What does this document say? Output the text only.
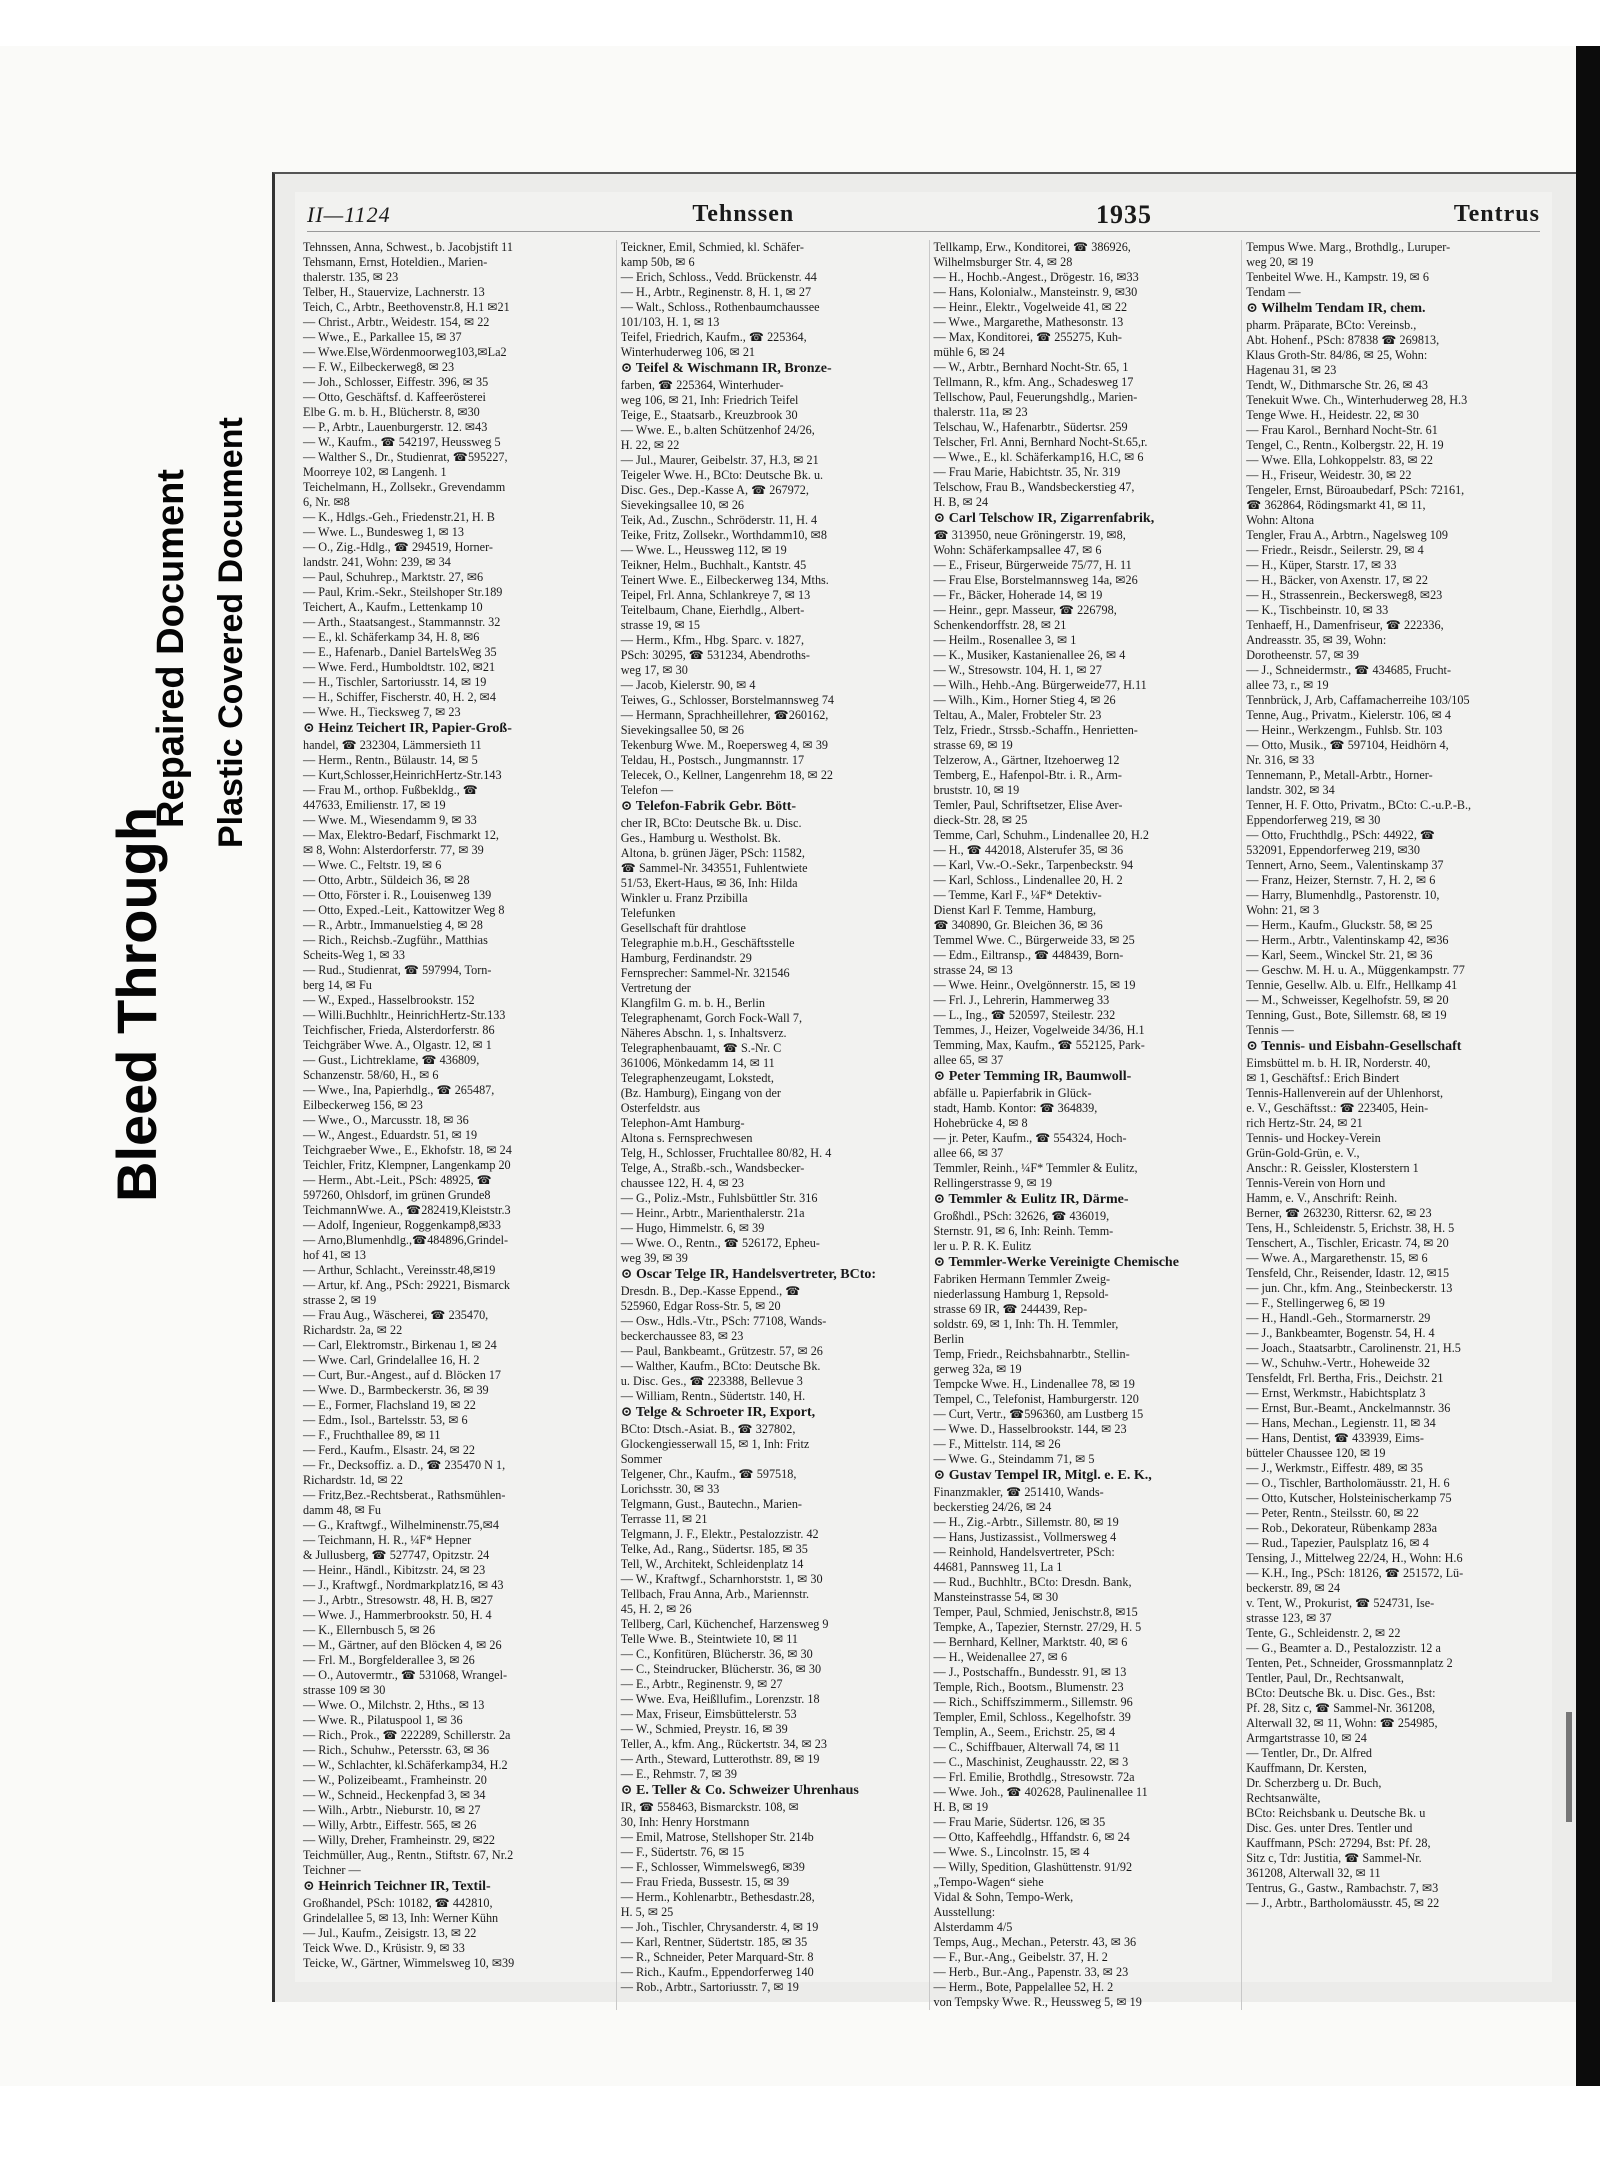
Bleed Through
Repaired Document Plastic Covered Document
II—1124	Tehnssen	1935	Tentrus
Tehnssen, Anna, Schwest., b. Jacobjstift 11
Tehsmann, Ernst, Hoteldien., Marien-
thalerstr. 135, ✉ 23
Telber, H., Stauervize, Lachnerstr. 13
Teich, C., Arbtr., Beethovenstr.8, H.1 ✉21
— Christ., Arbtr., Weidestr. 154, ✉ 22
— Wwe., E., Parkallee 15, ✉ 37
— Wwe.Else,Wördenmoorweg103,✉La2
— F. W., Eilbeckerweg8, ✉ 23
— Joh., Schlosser, Eiffestr. 396, ✉ 35
— Otto, Geschäftsf. d. Kaffeerösterei
Elbe G. m. b. H., Blücherstr. 8, ✉30
— P., Arbtr., Lauenburgerstr. 12. ✉43
— W., Kaufm., ☎ 542197, Heussweg 5
— Walther S., Dr., Studienrat, ☎595227,
Moorreye 102, ✉ Langenh. 1
Teichelmann, H., Zollsekr., Grevendamm
6, Nr. ✉8
— K., Hdlgs.-Geh., Friedenstr.21, H. B
— Wwe. L., Bundesweg 1, ✉ 13
— O., Zig.-Hdlg., ☎ 294519, Horner-
landstr. 241, Wohn: 239, ✉ 34
— Paul, Schuhrep., Marktstr. 27, ✉6
— Paul, Krim.-Sekr., Steilshoper Str.189
Teichert, A., Kaufm., Lettenkamp 10
— Arth., Staatsangest., Stammannstr. 32
— E., kl. Schäferkamp 34, H. 8, ✉6
— E., Hafenarb., Daniel BartelsWeg 35
— Wwe. Ferd., Humboldtstr. 102, ✉21
— H., Tischler, Sartoriusstr. 14, ✉ 19
— H., Schiffer, Fischerstr. 40, H. 2, ✉4
— Wwe. H., Tiecksweg 7, ✉ 23
⊙ Heinz Teichert IR, Papier-Groß-
handel, ☎ 232304, Lämmersieth 11
— Herm., Rentn., Bülaustr. 14, ✉ 5
— Kurt,Schlosser,HeinrichHertz-Str.143
— Frau M., orthop. Fußbekldg., ☎
447633, Emilienstr. 17, ✉ 19
— Wwe. M., Wiesendamm 9, ✉ 33
— Max, Elektro-Bedarf, Fischmarkt 12,
✉ 8, Wohn: Alsterdorferstr. 77, ✉ 39
— Wwe. C., Feltstr. 19, ✉ 6
— Otto, Arbtr., Süldeich 36, ✉ 28
— Otto, Förster i. R., Louisenweg 139
— Otto, Exped.-Leit., Kattowitzer Weg 8
— R., Arbtr., Immanuelstieg 4, ✉ 28
— Rich., Reichsb.-Zugführ., Matthias
Scheits-Weg 1, ✉ 33
— Rud., Studienrat, ☎ 597994, Torn-
berg 14, ✉ Fu
— W., Exped., Hasselbrookstr. 152
— Willi.Buchhltr., HeinrichHertz-Str.133
Teichfischer, Frieda, Alsterdorferstr. 86
Teichgräber Wwe. A., Olgastr. 12, ✉ 1
— Gust., Lichtreklame, ☎ 436809,
Schanzenstr. 58/60, H., ✉ 6
— Wwe., Ina, Papierhdlg., ☎ 265487,
Eilbeckerweg 156, ✉ 23
— Wwe., O., Marcusstr. 18, ✉ 36
— W., Angest., Eduardstr. 51, ✉ 19
Teichgraeber Wwe., E., Ekhofstr. 18, ✉ 24
Teichler, Fritz, Klempner, Langenkamp 20
— Herm., Abt.-Leit., PSch: 48925, ☎
597260, Ohlsdorf, im grünen Grunde8
TeichmannWwe. A., ☎282419,Kleiststr.3
— Adolf, Ingenieur, Roggenkamp8,✉33
— Arno,Blumenhdlg.,☎484896,Grindel-
hof 41, ✉ 13
— Arthur, Schlacht., Vereinsstr.48,✉19
— Artur, kf. Ang., PSch: 29221, Bismarck
strasse 2, ✉ 19
— Frau Aug., Wäscherei, ☎ 235470,
Richardstr. 2a, ✉ 22
— Carl, Elektromstr., Birkenau 1, ✉ 24
— Wwe. Carl, Grindelallee 16, H. 2
— Curt, Bur.-Angest., auf d. Blöcken 17
— Wwe. D., Barmbeckerstr. 36, ✉ 39
— E., Former, Flachsland 19, ✉ 22
— Edm., Isol., Bartelsstr. 53, ✉ 6
— F., Fruchthallee 89, ✉ 11
— Ferd., Kaufm., Elsastr. 24, ✉ 22
— Fr., Decksoffiz. a. D., ☎ 235470 N 1,
Richardstr. 1d, ✉ 22
— Fritz,Bez.-Rechtsberat., Rathsmühlen-
damm 48, ✉ Fu
— G., Kraftwgf., Wilhelminenstr.75,✉4
— Teichmann, H. R., ¼F* Hepner
& Jullusberg, ☎ 527747, Opitzstr. 24
— Heinr., Händl., Kibitzstr. 24, ✉ 23
— J., Kraftwgf., Nordmarkplatz16, ✉ 43
— J., Arbtr., Stresowstr. 48, H. B, ✉27
— Wwe. J., Hammerbrookstr. 50, H. 4
— K., Ellernbusch 5, ✉ 26
— M., Gärtner, auf den Blöcken 4, ✉ 26
— Frl. M., Borgfelderallee 3, ✉ 26
— O., Autovermtr., ☎ 531068, Wrangel-
strasse 109 ✉ 30
— Wwe. O., Milchstr. 2, Hths., ✉ 13
— Wwe. R., Pilatuspool 1, ✉ 36
— Rich., Prok., ☎ 222289, Schillerstr. 2a
— Rich., Schuhw., Petersstr. 63, ✉ 36
— W., Schlachter, kl.Schäferkamp34, H.2
— W., Polizeibeamt., Framheinstr. 20
— W., Schneid., Heckenpfad 3, ✉ 34
— Wilh., Arbtr., Nieburstr. 10, ✉ 27
— Willy, Arbtr., Eiffestr. 565, ✉ 26
— Willy, Dreher, Framheinstr. 29, ✉22
Teichmüller, Aug., Rentn., Stiftstr. 67, Nr.2
Teichner —
⊙ Heinrich Teichner IR, Textil-
Großhandel, PSch: 10182, ☎ 442810,
Grindelallee 5, ✉ 13, Inh: Werner Kühn
— Jul., Kaufm., Zeisigstr. 13, ✉ 22
Teick Wwe. D., Krüsistr. 9, ✉ 33
Teicke, W., Gärtner, Wimmelsweg 10, ✉39
Teickner, Emil, Schmied, kl. Schäfer-
kamp 50b, ✉ 6
— Erich, Schloss., Vedd. Brückenstr. 44
— H., Arbtr., Reginenstr. 8, H. 1, ✉ 27
— Walt., Schloss., Rothenbaumchaussee
101/103, H. 1, ✉ 13
Teifel, Friedrich, Kaufm., ☎ 225364,
Winterhuderweg 106, ✉ 21
⊙ Teifel & Wischmann IR, Bronze-
farben, ☎ 225364, Winterhuder-
weg 106, ✉ 21, Inh: Friedrich Teifel
Teige, E., Staatsarb., Kreuzbrook 30
— Wwe. E., b.alten Schützenhof 24/26,
H. 22, ✉ 22
— Jul., Maurer, Geibelstr. 37, H.3, ✉ 21
Teigeler Wwe. H., BCto: Deutsche Bk. u.
Disc. Ges., Dep.-Kasse A, ☎ 267972,
Sievekingsallee 10, ✉ 26
Teik, Ad., Zuschn., Schröderstr. 11, H. 4
Teike, Fritz, Zollsekr., Worthdamm10, ✉8
— Wwe. L., Heussweg 112, ✉ 19
Teikner, Helm., Buchhalt., Kantstr. 45
Teinert Wwe. E., Eilbeckerweg 134, Mths.
Teipel, Frl. Anna, Schlankreye 7, ✉ 13
Teitelbaum, Chane, Eierhdlg., Albert-
strasse 19, ✉ 15
— Herm., Kfm., Hbg. Sparc. v. 1827,
PSch: 30295, ☎ 531234, Abendroths-
weg 17, ✉ 30
— Jacob, Kielerstr. 90, ✉ 4
Teiwes, G., Schlosser, Borstelmannsweg 74
— Hermann, Sprachheillehrer, ☎260162,
Sievekingsallee 50, ✉ 26
Tekenburg Wwe. M., Roepersweg 4, ✉ 39
Teldau, H., Postsch., Jungmannstr. 17
Telecek, O., Kellner, Langenrehm 18, ✉ 22
Telefon —
⊙ Telefon-Fabrik Gebr. Bött-
cher IR, BCto: Deutsche Bk. u. Disc.
Ges., Hamburg u. Westholst. Bk.
Altona, b. grünen Jäger, PSch: 11582,
☎ Sammel-Nr. 343551, Fuhlentwiete
51/53, Ekert-Haus, ✉ 36, Inh: Hilda
Winkler u. Franz Przibilla
Telefunken
Gesellschaft für drahtlose
Telegraphie m.b.H., Geschäftsstelle
Hamburg, Ferdinandstr. 29
Fernsprecher: Sammel-Nr. 321546
Vertretung der
Klangfilm G. m. b. H., Berlin
Telegraphenamt, Gorch Fock-Wall 7,
Näheres Abschn. 1, s. Inhaltsverz.
Telegraphenbauamt, ☎ S.-Nr. C
361006, Mönkedamm 14, ✉ 11
Telegraphenzeugamt, Lokstedt,
(Bz. Hamburg), Eingang von der
Osterfeldstr. aus
Telephon-Amt Hamburg-
Altona s. Fernsprechwesen
Telg, H., Schlosser, Fruchtallee 80/82, H. 4
Telge, A., Straßb.-sch., Wandsbecker-
chaussee 122, H. 4, ✉ 23
— G., Poliz.-Mstr., Fuhlsbüttler Str. 316
— Heinr., Arbtr., Marienthalerstr. 21a
— Hugo, Himmelstr. 6, ✉ 39
— Wwe. O., Rentn., ☎ 526172, Epheu-
weg 39, ✉ 39
⊙ Oscar Telge IR, Handelsvertreter, BCto:
Dresdn. B., Dep.-Kasse Eppend., ☎
525960, Edgar Ross-Str. 5, ✉ 20
— Osw., Hdls.-Vtr., PSch: 77108, Wands-
beckerchaussee 83, ✉ 23
— Paul, Bankbeamt., Grützestr. 57, ✉ 26
— Walther, Kaufm., BCto: Deutsche Bk.
u. Disc. Ges., ☎ 223388, Bellevue 3
— William, Rentn., Südertstr. 140, H.
⊙ Telge & Schroeter IR, Export,
BCto: Dtsch.-Asiat. B., ☎ 327802,
Glockengiesserwall 15, ✉ 1, Inh: Fritz
Sommer
Telgener, Chr., Kaufm., ☎ 597518,
Lorichsstr. 30, ✉ 33
Telgmann, Gust., Bautechn., Marien-
Terrasse 11, ✉ 21
Telgmann, J. F., Elektr., Pestalozzistr. 42
Telke, Ad., Rang., Südertsr. 185, ✉ 35
Tell, W., Architekt, Schleidenplatz 14
— W., Kraftwgf., Scharnhorststr. 1, ✉ 30
Tellbach, Frau Anna, Arb., Mariennstr.
45, H. 2, ✉ 26
Tellberg, Carl, Küchenchef, Harzensweg 9
Telle Wwe. B., Steintwiete 10, ✉ 11
— C., Konfitüren, Blücherstr. 36, ✉ 30
— C., Steindrucker, Blücherstr. 36, ✉ 30
— E., Arbtr., Reginenstr. 9, ✉ 27
— Wwe. Eva, Heißllufim., Lorenzstr. 18
— Max, Friseur, Eimsbüttelerstr. 53
— W., Schmied, Preystr. 16, ✉ 39
Teller, A., kfm. Ang., Rückertstr. 34, ✉ 23
— Arth., Steward, Lutterothstr. 89, ✉ 19
— E., Rehmstr. 7, ✉ 39
⊙ E. Teller & Co. Schweizer Uhrenhaus
IR, ☎ 558463, Bismarckstr. 108, ✉
30, Inh: Henry Horstmann
— Emil, Matrose, Stellshoper Str. 214b
— F., Südertstr. 76, ✉ 15
— F., Schlosser, Wimmelsweg6, ✉39
— Frau Frieda, Bussestr. 15, ✉ 39
— Herm., Kohlenarbtr., Bethesdastr.28,
H. 5, ✉ 25
— Joh., Tischler, Chrysanderstr. 4, ✉ 19
— Karl, Rentner, Südertstr. 185, ✉ 35
— R., Schneider, Peter Marquard-Str. 8
— Rich., Kaufm., Eppendorferweg 140
— Rob., Arbtr., Sartoriusstr. 7, ✉ 19
Tellkamp, Erw., Konditorei, ☎ 386926,
Wilhelmsburger Str. 4, ✉ 28
— H., Hochb.-Angest., Drögestr. 16, ✉33
— Hans, Kolonialw., Mansteinstr. 9, ✉30
— Heinr., Elektr., Vogelweide 41, ✉ 22
— Wwe., Margarethe, Mathesonstr. 13
— Max, Konditorei, ☎ 255275, Kuh-
mühle 6, ✉ 24
— W., Arbtr., Bernhard Nocht-Str. 65, 1
Tellmann, R., kfm. Ang., Schadesweg 17
Tellschow, Paul, Feuerungshdlg., Marien-
thalerstr. 11a, ✉ 23
Telschau, W., Hafenarbtr., Südertsr. 259
Telscher, Frl. Anni, Bernhard Nocht-St.65,r.
— Wwe., E., kl. Schäferkamp16, H.C, ✉ 6
— Frau Marie, Habichtstr. 35, Nr. 319
Telschow, Frau B., Wandsbeckerstieg 47,
H. B, ✉ 24
⊙ Carl Telschow IR, Zigarrenfabrik,
☎ 313950, neue Gröningerstr. 19, ✉8,
Wohn: Schäferkampsallee 47, ✉ 6
— E., Friseur, Bürgerweide 75/77, H. 11
— Frau Else, Borstelmannsweg 14a, ✉26
— Fr., Bäcker, Hoheradе 14, ✉ 19
— Heinr., gepr. Masseur, ☎ 226798,
Schenkendorffstr. 28, ✉ 21
— Heilm., Rosenallee 3, ✉ 1
— K., Musiker, Kastanienallee 26, ✉ 4
— W., Stresowstr. 104, H. 1, ✉ 27
— Wilh., Hehb.-Ang. Bürgerweide77, H.11
— Wilh., Kim., Horner Stieg 4, ✉ 26
Teltau, A., Maler, Frobteler Str. 23
Telz, Friedr., Strssb.-Schaffn., Henrietten-
strasse 69, ✉ 19
Telzerow, A., Gärtner, Itzehoerweg 12
Temberg, E., Hafenpol-Btr. i. R., Arm-
bruststr. 10, ✉ 19
Temler, Paul, Schriftsetzer, Elise Aver-
dieck-Str. 28, ✉ 25
Temme, Carl, Schuhm., Lindenallee 20, H.2
— H., ☎ 442018, Alsterufer 35, ✉ 36
— Karl, Vw.-O.-Sekr., Tarpenbeckstr. 94
— Karl, Schloss., Lindenallee 20, H. 2
— Temme, Karl F., ¼F* Detektiv-
Dienst Karl F. Temme, Hamburg,
☎ 340890, Gr. Bleichen 36, ✉ 36
Temmel Wwe. C., Bürgerweide 33, ✉ 25
— Edm., Eiltransp., ☎ 448439, Born-
strasse 24, ✉ 13
— Wwe. Heinr., Ovelgönnerstr. 15, ✉ 19
— Frl. J., Lehrerin, Hammerweg 33
— L., Ing., ☎ 520597, Steilestr. 232
Temmes, J., Heizer, Vogelweide 34/36, H.1
Temming, Max, Kaufm., ☎ 552125, Park-
allee 65, ✉ 37
⊙ Peter Temming IR, Baumwoll-
abfälle u. Papierfabrik in Glück-
stadt, Hamb. Kontor: ☎ 364839,
Hohebrücke 4, ✉ 8
— jr. Peter, Kaufm., ☎ 554324, Hoch-
allee 66, ✉ 37
Temmler, Reinh., ¼F* Temmler & Eulitz,
Rellingerstrasse 9, ✉ 19
⊙ Temmler & Eulitz IR, Därme-
Großhdl., PSch: 32626, ☎ 436019,
Sternstr. 91, ✉ 6, Inh: Reinh. Temm-
ler u. P. R. K. Eulitz
⊙ Temmler-Werke Vereinigte Chemische
Fabriken Hermann Temmler Zweig-
niederlassung Hamburg 1, Repsold-
strasse 69 IR, ☎ 244439, Rep-
soldstr. 69, ✉ 1, Inh: Th. H. Temmler,
Berlin
Temp, Friedr., Reichsbahnarbtr., Stellin-
gerweg 32a, ✉ 19
Tempcke Wwe. H., Lindenallee 78, ✉ 19
Tempel, C., Telefonist, Hamburgerstr. 120
— Curt, Vertr., ☎596360, am Lustberg 15
— Wwe. D., Hasselbrookstr. 144, ✉ 23
— F., Mittelstr. 114, ✉ 26
— Wwe. G., Steindamm 71, ✉ 5
⊙ Gustav Tempel IR, Mitgl. e. E. K.,
Finanzmakler, ☎ 251410, Wands-
beckerstieg 24/26, ✉ 24
— H., Zig.-Arbtr., Sillemstr. 80, ✉ 19
— Hans, Justizassist., Vollmersweg 4
— Reinhold, Handelsvertreter, PSch:
44681, Pannsweg 11, La 1
— Rud., Buchhltr., BCto: Dresdn. Bank,
Mansteinstrasse 54, ✉ 30
Temper, Paul, Schmied, Jenischstr.8, ✉15
Tempke, A., Tapezier, Sternstr. 27/29, H. 5
— Bernhard, Kellner, Marktstr. 40, ✉ 6
— H., Weidenallee 27, ✉ 6
— J., Postschaffn., Bundesstr. 91, ✉ 13
Temple, Rich., Bootsm., Blumenstr. 23
— Rich., Schiffszimmerm., Sillemstr. 96
Templer, Emil, Schloss., Kegelhofstr. 39
Templin, A., Seem., Erichstr. 25, ✉ 4
— C., Schiffbauer, Alterwall 74, ✉ 11
— C., Maschinist, Zeughausstr. 22, ✉ 3
— Frl. Emilie, Brothdlg., Stresowstr. 72a
— Wwe. Joh., ☎ 402628, Paulinenallee 11
H. B, ✉ 19
— Frau Marie, Südertsr. 126, ✉ 35
— Otto, Kaffeehdlg., Hffandstr. 6, ✉ 24
— Wwe. S., Lincolnstr. 15, ✉ 4
— Willy, Spedition, Glashüttenstr. 91/92
„Tempo-Wagen“ siehe
Vidal & Sohn, Tempo-Werk,
Ausstellung:
Alsterdamm 4/5
Temps, Aug., Mechan., Peterstr. 43, ✉ 36
— F., Bur.-Ang., Geibelstr. 37, H. 2
— Herb., Bur.-Ang., Papenstr. 33, ✉ 23
— Herm., Bote, Pappelallee 52, H. 2
von Tempsky Wwe. R., Heussweg 5, ✉ 19
Tempus Wwe. Marg., Brothdlg., Luruper-
weg 20, ✉ 19
Tenbeitel Wwe. H., Kampstr. 19, ✉ 6
Tendam —
⊙ Wilhelm Tendam IR, chem.
pharm. Präparate, BCto: Vereinsb.,
Abt. Hohenf., PSch: 87838 ☎ 269813,
Klaus Groth-Str. 84/86, ✉ 25, Wohn:
Hagenau 31, ✉ 23
Tendt, W., Dithmarsche Str. 26, ✉ 43
Tenekuit Wwe. Ch., Winterhuderweg 28, H.3
Tenge Wwe. H., Heidestr. 22, ✉ 30
— Frau Karol., Bernhard Nocht-Str. 61
Tengel, C., Rentn., Kolbergstr. 22, H. 19
— Wwe. Ella, Lohkoppelstr. 83, ✉ 22
— H., Friseur, Weidestr. 30, ✉ 22
Tengeler, Ernst, Büroaubedarf, PSch: 72161,
☎ 362864, Rödingsmarkt 41, ✉ 11,
Wohn: Altona
Tengler, Frau A., Arbtrn., Nagelsweg 109
— Friedr., Reisdr., Seilerstr. 29, ✉ 4
— H., Küper, Starstr. 17, ✉ 33
— H., Bäcker, von Axenstr. 17, ✉ 22
— H., Strassenrein., Beckersweg8, ✉23
— K., Tischbeinstr. 10, ✉ 33
Tenhaeff, H., Damenfriseur, ☎ 222336,
Andreasstr. 35, ✉ 39, Wohn:
Dorotheenstr. 57, ✉ 39
— J., Schneidermstr., ☎ 434685, Frucht-
allee 73, r., ✉ 19
Tennbrück, J, Arb, Caffamacherreihe 103/105
Tenne, Aug., Privatm., Kielerstr. 106, ✉ 4
— Heinr., Werkzengm., Fuhlsb. Str. 103
— Otto, Musik., ☎ 597104, Heidhörn 4,
Nr. 316, ✉ 33
Tennemann, P., Metall-Arbtr., Horner-
landstr. 302, ✉ 34
Tenner, H. F. Otto, Privatm., BCto: C.-u.P.-B.,
Eppendorferweg 219, ✉ 30
— Otto, Fruchthdlg., PSch: 44922, ☎
532091, Eppendorferweg 219, ✉30
Tennert, Arno, Seem., Valentinskamp 37
— Franz, Heizer, Sternstr. 7, H. 2, ✉ 6
— Harry, Blumenhdlg., Pastorenstr. 10,
Wohn: 21, ✉ 3
— Herm., Kaufm., Gluckstr. 58, ✉ 25
— Herm., Arbtr., Valentinskamp 42, ✉36
— Karl, Seem., Winckel Str. 21, ✉ 36
— Geschw. M. H. u. A., Müggenkampstr. 77
Tennie, Gesellw. Alb. u. Elfr., Hellkamp 41
— M., Schweisser, Kegelhofstr. 59, ✉ 20
Tenning, Gust., Bote, Sillemstr. 68, ✉ 19
Tennis —
⊙ Tennis- und Eisbahn-Gesellschaft
Eimsbüttel m. b. H. IR, Norderstr. 40,
✉ 1, Geschäftsf.: Erich Bindert
Tennis-Hallenverein auf der Uhlenhorst,
e. V., Geschäftsst.: ☎ 223405, Hein-
rich Hertz-Str. 24, ✉ 21
Tennis- und Hockey-Verein
Grün-Gold-Grün, e. V.,
Anschr.: R. Geissler, Klosterstern 1
Tennis-Verein von Horn und
Hamm, e. V., Anschrift: Reinh.
Berner, ☎ 263230, Rittersr. 62, ✉ 23
Tens, H., Schleidenstr. 5, Erichstr. 38, H. 5
Tenschert, A., Tischler, Ericastr. 74, ✉ 20
— Wwe. A., Margarethenstr. 15, ✉ 6
Tensfeld, Chr., Reisender, Idastr. 12, ✉15
— jun. Chr., kfm. Ang., Steinbeckerstr. 13
— F., Stellingerweg 6, ✉ 19
— H., Handl.-Geh., Stormarnerstr. 29
— J., Bankbeamter, Bogenstr. 54, H. 4
— Joach., Staatsarbtr., Carolinenstr. 21, H.5
— W., Schuhw.-Vertr., Hoheweide 32
Tensfeldt, Frl. Bertha, Fris., Deichstr. 21
— Ernst, Werkmstr., Habichtsplatz 3
— Ernst, Bur.-Beamt., Anckelmannstr. 36
— Hans, Mechan., Legienstr. 11, ✉ 34
— Hans, Dentist, ☎ 433939, Eims-
bütteler Chaussee 120, ✉ 19
— J., Werkmstr., Eiffestr. 489, ✉ 35
— O., Tischler, Bartholomäusstr. 21, H. 6
— Otto, Kutscher, Holsteinischerkamp 75
— Peter, Rentn., Steilsstr. 60, ✉ 22
— Rob., Dekorateur, Rübenkamp 283a
— Rud., Tapezier, Paulsplatz 16, ✉ 4
Tensing, J., Mittelweg 22/24, H., Wohn: H.6
— K.H., Ing., PSch: 18126, ☎ 251572, Lü-
beckerstr. 89, ✉ 24
v. Tent, W., Prokurist, ☎ 524731, Ise-
strasse 123, ✉ 37
Tente, G., Schleidenstr. 2, ✉ 22
— G., Beamter a. D., Pestalozzistr. 12 a
Tenten, Pet., Schneider, Grossmannplatz 2
Tentler, Paul, Dr., Rechtsanwalt,
BCto: Deutsche Bk. u. Disc. Ges., Bst:
Pf. 28, Sitz c, ☎ Sammel-Nr. 361208,
Alterwall 32, ✉ 11, Wohn: ☎ 254985,
Armgartstrasse 10, ✉ 24
— Tentler, Dr., Dr. Alfred
Kauffmann, Dr. Kersten,
Dr. Scherzberg u. Dr. Buch,
Rechtsanwälte,
BCto: Reichsbank u. Deutsche Bk. u
Disc. Ges. unter Dres. Tentler und
Kauffmann, PSch: 27294, Bst: Pf. 28,
Sitz c, Tdr: Justitia, ☎ Sammel-Nr.
361208, Alterwall 32, ✉ 11
Tentrus, G., Gastw., Rambachstr. 7, ✉3
— J., Arbtr., Bartholomäusstr. 45, ✉ 22
